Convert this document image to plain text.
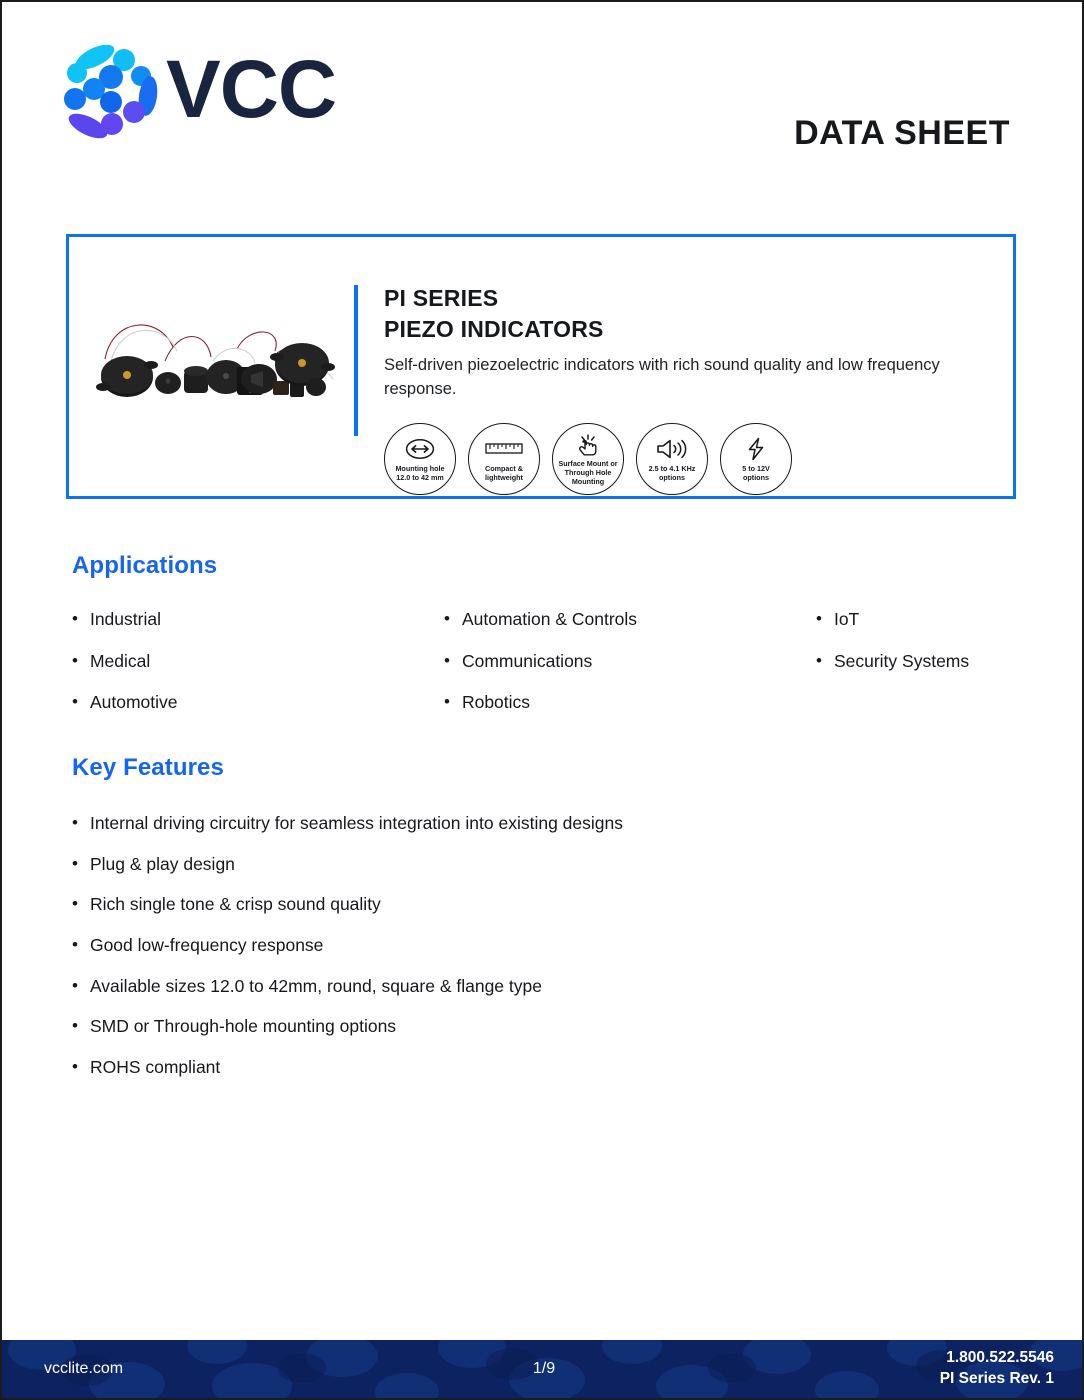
VCC	DATA SHEET
PI SERIES
PIEZO INDICATORS
Self-driven piezoelectric indicators with rich sound quality and low frequency response.
Mounting hole
12.0 to 42 mm
Compact &
lightweight
Surface Mount or
Through Hole
Mounting
2.5 to 4.1 KHz
options
5 to 12V
options
Applications
• Industrial
• Medical
• Automotive
• Automation & Controls
• Communications
• Robotics
• IoT
• Security Systems
Key Features
• Internal driving circuitry for seamless integration into existing designs
• Plug & play design
• Rich single tone & crisp sound quality
• Good low-frequency response
• Available sizes 12.0 to 42mm, round, square & flange type
• SMD or Through-hole mounting options
• ROHS compliant
vcclite.com	1/9
1.800.522.5546
PI Series Rev. 1
